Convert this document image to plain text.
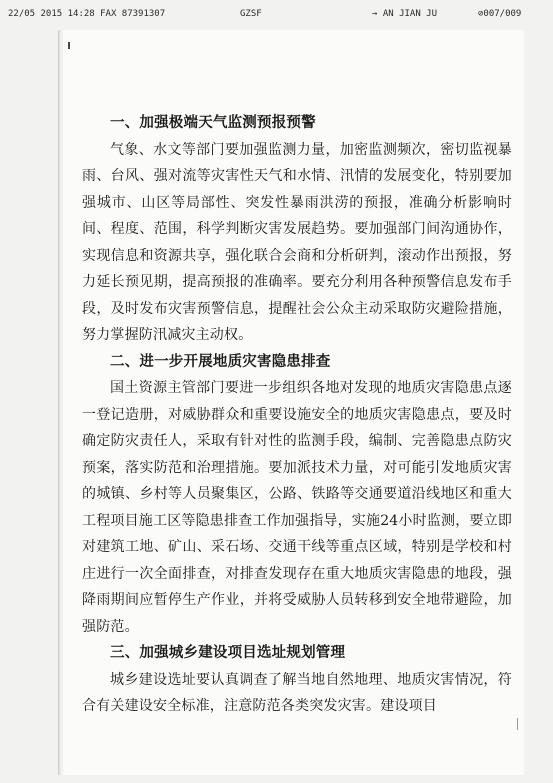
22/05 2015 14:28 FAX 87391307	GZSF	→ AN JIAN JU	⊘007/009
一、加强极端天气监测预报预警

气象、水文等部门要加强监测力量，加密监测频次，密切监视暴雨、台风、强对流等灾害性天气和水情、汛情的发展变化，特别要加强城市、山区等局部性、突发性暴雨洪涝的预报，准确分析影响时间、程度、范围，科学判断灾害发展趋势。要加强部门间沟通协作，实现信息和资源共享，强化联合会商和分析研判，滚动作出预报，努力延长预见期，提高预报的准确率。要充分利用各种预警信息发布手段，及时发布灾害预警信息，提醒社会公众主动采取防灾避险措施，努力掌握防汛减灾主动权。

二、进一步开展地质灾害隐患排查

国土资源主管部门要进一步组织各地对发现的地质灾害隐患点逐一登记造册，对威胁群众和重要设施安全的地质灾害隐患点，要及时确定防灾责任人，采取有针对性的监测手段，编制、完善隐患点防灾预案，落实防范和治理措施。要加派技术力量，对可能引发地质灾害的城镇、乡村等人员聚集区，公路、铁路等交通要道沿线地区和重大工程项目施工区等隐患排查工作加强指导，实施24小时监测，要立即对建筑工地、矿山、采石场、交通干线等重点区域，特别是学校和村庄进行一次全面排查，对排查发现存在重大地质灾害隐患的地段，强降雨期间应暂停生产作业，并将受威胁人员转移到安全地带避险，加强防范。

三、加强城乡建设项目选址规划管理

城乡建设选址要认真调查了解当地自然地理、地质灾害情况，符合有关建设安全标准，注意防范各类突发灾害。建设项目
